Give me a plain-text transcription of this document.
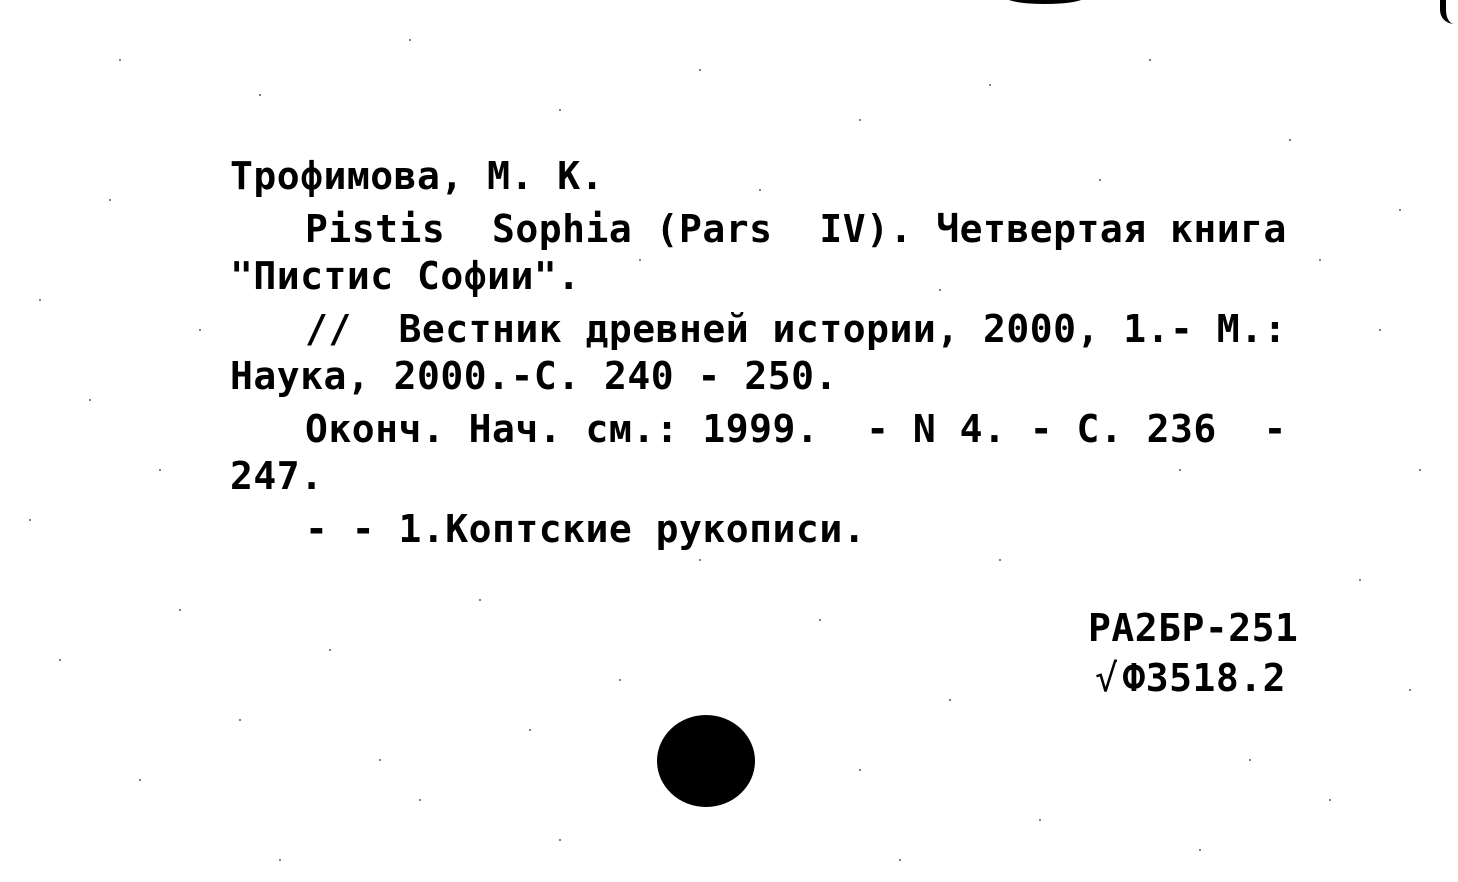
Трофимова, М. К.
Pistis  Sophia (Pars  IV). Четвертая книга
"Пистис Софии".
//  Вестник древней истории, 2000, 1.- М.:
Наука, 2000.-С. 240 - 250.
Оконч. Нач. см.: 1999.  - N 4. - С. 236  -
247.
- - 1.Коптские рукописи.
РА2БР-251
√ Ф3518.2
